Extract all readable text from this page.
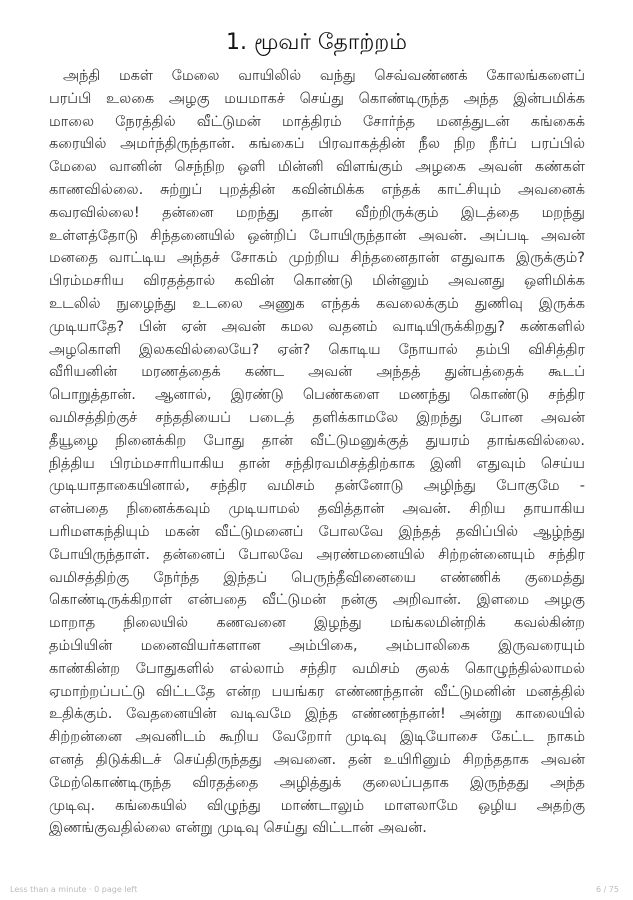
1. மூவர் தோற்றம்
அந்தி மகள் மேலை வாயிலில் வந்து செவ்வண்ணக் கோலங்களைப்
பரப்பி உலகை அழகு மயமாகச் செய்து கொண்டிருந்த அந்த இன்பமிக்க
மாலை நேரத்தில் வீட்டுமன் மாத்திரம் சோர்ந்த மனத்துடன் கங்கைக்
கரையில் அமர்ந்திருந்தான். கங்கைப் பிரவாகத்தின் நீல நிற நீர்ப் பரப்பில்
மேலை வானின் செந்நிற ஒளி மின்னி விளங்கும் அழகை அவன் கண்கள்
காணவில்லை. சுற்றுப் புறத்தின் கவின்மிக்க எந்தக் காட்சியும் அவனைக்
கவரவில்லை! தன்னை மறந்து தான் வீற்றிருக்கும் இடத்தை மறந்து
உள்ளத்தோடு சிந்தனையில் ஒன்றிப் போயிருந்தான் அவன். அப்படி அவன்
மனதை வாட்டிய அந்தச் சோகம் முற்றிய சிந்தனைதான் எதுவாக இருக்கும்?
பிரம்மசரிய விரதத்தால் கவின் கொண்டு மின்னும் அவனது ஒளிமிக்க
உடலில் நுழைந்து உடலை அணுக எந்தக் கவலைக்கும் துணிவு இருக்க
முடியாதே? பின் ஏன் அவன் கமல வதனம் வாடியிருக்கிறது? கண்களில்
அழகொளி இலகவில்லையே? ஏன்? கொடிய நோயால் தம்பி விசித்திர
வீரியனின் மரணத்தைக் கண்ட அவன் அந்தத் துன்பத்தைக் கூடப்
பொறுத்தான். ஆனால், இரண்டு பெண்களை மணந்து கொண்டு சந்திர
வமிசத்திற்குச் சந்ததியைப் படைத் தளிக்காமலே இறந்து போன அவன்
தீயூழை நினைக்கிற போது தான் வீட்டுமனுக்குத் துயரம் தாங்கவில்லை.
நித்திய பிரம்மசாரியாகிய தான் சந்திரவமிசத்திற்காக இனி எதுவும் செய்ய
முடியாதாகையினால், சந்திர வமிசம் தன்னோடு அழிந்து போகுமே -
என்பதை நினைக்கவும் முடியாமல் தவித்தான் அவன். சிறிய தாயாகிய
பரிமளகந்தியும் மகன் வீட்டுமனைப் போலவே இந்தத் தவிப்பில் ஆழ்ந்து
போயிருந்தாள். தன்னைப் போலவே அரண்மனையில் சிற்றன்னையும் சந்திர
வமிசத்திற்கு நேர்ந்த இந்தப் பெருந்தீவினையை எண்ணிக் குமைத்து
கொண்டிருக்கிறாள் என்பதை வீட்டுமன் நன்கு அறிவான். இளமை அழகு
மாறாத நிலையில் கணவனை இழந்து மங்கலமின்றிக் கவல்கின்ற
தம்பியின் மனைவியர்களான அம்பிகை, அம்பாலிகை இருவரையும்
காண்கின்ற போதுகளில் எல்லாம் சந்திர வமிசம் குலக் கொழுந்தில்லாமல்
ஏமாற்றப்பட்டு விட்டதே என்ற பயங்கர எண்ணந்தான் வீட்டுமனின் மனத்தில்
உதிக்கும். வேதனையின் வடிவமே இந்த எண்ணந்தான்! அன்று காலையில்
சிற்றன்னை அவனிடம் கூறிய வேறோர் முடிவு இடியோசை கேட்ட நாகம்
எனத் திடுக்கிடச் செய்திருந்தது அவனை. தன் உயிரினும் சிறந்ததாக அவன்
மேற்கொண்டிருந்த விரதத்தை அழித்துக் குலைப்பதாக இருந்தது அந்த
முடிவு. கங்கையில் விழுந்து மாண்டாலும் மாளலாமே ஒழிய அதற்கு
இணங்குவதில்லை என்று முடிவு செய்து விட்டான் அவன்.
Less than a minute · 0 page left	6 / 75
